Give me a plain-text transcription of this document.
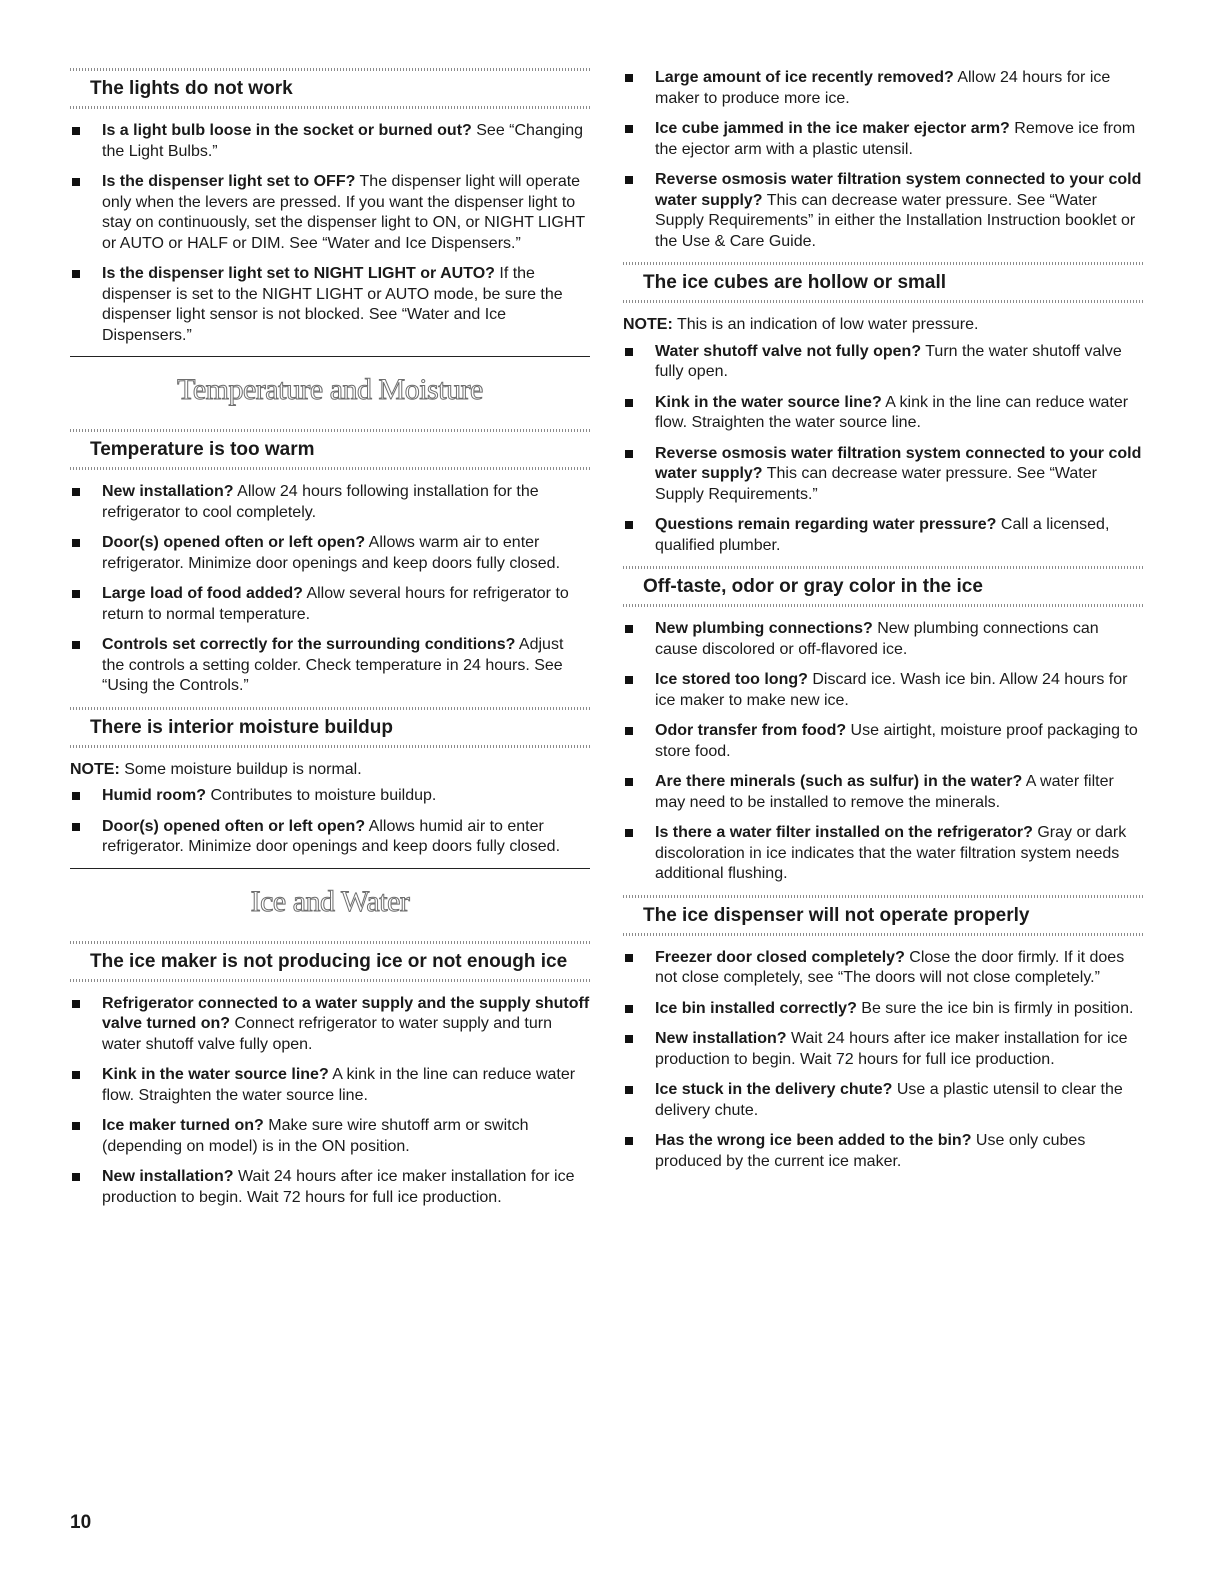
The lights do not work
Is a light bulb loose in the socket or burned out? See “Changing the Light Bulbs.”
Is the dispenser light set to OFF? The dispenser light will operate only when the levers are pressed. If you want the dispenser light to stay on continuously, set the dispenser light to ON, or NIGHT LIGHT or AUTO or HALF or DIM. See “Water and Ice Dispensers.”
Is the dispenser light set to NIGHT LIGHT or AUTO? If the dispenser is set to the NIGHT LIGHT or AUTO mode, be sure the dispenser light sensor is not blocked. See “Water and Ice Dispensers.”
Temperature and Moisture
Temperature is too warm
New installation? Allow 24 hours following installation for the refrigerator to cool completely.
Door(s) opened often or left open? Allows warm air to enter refrigerator. Minimize door openings and keep doors fully closed.
Large load of food added? Allow several hours for refrigerator to return to normal temperature.
Controls set correctly for the surrounding conditions? Adjust the controls a setting colder. Check temperature in 24 hours. See “Using the Controls.”
There is interior moisture buildup

NOTE: Some moisture buildup is normal.

Humid room? Contributes to moisture buildup.
Door(s) opened often or left open? Allows humid air to enter refrigerator. Minimize door openings and keep doors fully closed.
Ice and Water
The ice maker is not producing ice or not enough ice
Refrigerator connected to a water supply and the supply shutoff valve turned on? Connect refrigerator to water supply and turn water shutoff valve fully open.
Kink in the water source line? A kink in the line can reduce water flow. Straighten the water source line.
Ice maker turned on? Make sure wire shutoff arm or switch (depending on model) is in the ON position.
New installation? Wait 24 hours after ice maker installation for ice production to begin. Wait 72 hours for full ice production.
Large amount of ice recently removed? Allow 24 hours for ice maker to produce more ice.
Ice cube jammed in the ice maker ejector arm? Remove ice from the ejector arm with a plastic utensil.
Reverse osmosis water filtration system connected to your cold water supply? This can decrease water pressure. See “Water Supply Requirements” in either the Installation Instruction booklet or the Use & Care Guide.
The ice cubes are hollow or small

NOTE: This is an indication of low water pressure.

Water shutoff valve not fully open? Turn the water shutoff valve fully open.
Kink in the water source line? A kink in the line can reduce water flow. Straighten the water source line.
Reverse osmosis water filtration system connected to your cold water supply? This can decrease water pressure. See “Water Supply Requirements.”
Questions remain regarding water pressure? Call a licensed, qualified plumber.
Off-taste, odor or gray color in the ice
New plumbing connections? New plumbing connections can cause discolored or off-flavored ice.
Ice stored too long? Discard ice. Wash ice bin. Allow 24 hours for ice maker to make new ice.
Odor transfer from food? Use airtight, moisture proof packaging to store food.
Are there minerals (such as sulfur) in the water? A water filter may need to be installed to remove the minerals.
Is there a water filter installed on the refrigerator? Gray or dark discoloration in ice indicates that the water filtration system needs additional flushing.
The ice dispenser will not operate properly
Freezer door closed completely? Close the door firmly. If it does not close completely, see “The doors will not close completely.”
Ice bin installed correctly? Be sure the ice bin is firmly in position.
New installation? Wait 24 hours after ice maker installation for ice production to begin. Wait 72 hours for full ice production.
Ice stuck in the delivery chute? Use a plastic utensil to clear the delivery chute.
Has the wrong ice been added to the bin? Use only cubes produced by the current ice maker.
10
